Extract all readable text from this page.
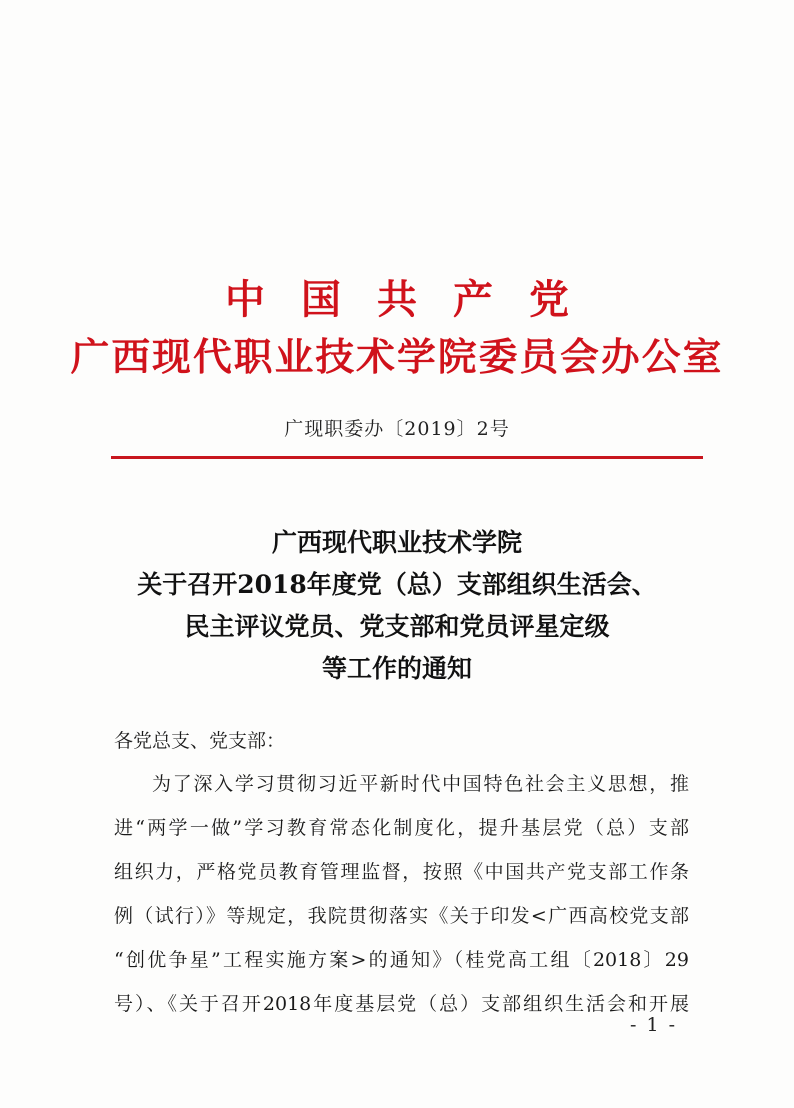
中国共产党
广西现代职业技术学院委员会办公室
广现职委办〔2019〕2号
广西现代职业技术学院
关于召开2018年度党（总）支部组织生活会、
民主评议党员、党支部和党员评星定级
等工作的通知
各党总支、党支部：
为了深入学习贯彻习近平新时代中国特色社会主义思想，推
进“两学一做”学习教育常态化制度化，提升基层党（总）支部
组织力，严格党员教育管理监督，按照《中国共产党支部工作条
例（试行）》等规定，我院贯彻落实《关于印发<广西高校党支部
“创优争星”工程实施方案>的通知》（桂党高工组〔2018〕29
号）、《关于召开2018年度基层党（总）支部组织生活会和开展
- 1 -
